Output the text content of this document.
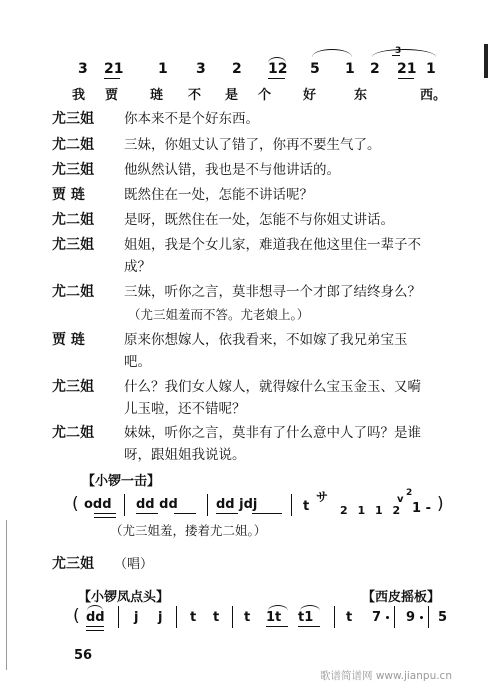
3 21 1 3 2 12 5 1 2
3
21 1
我 贾 琏 不 是 个 好	东	西。
尤三姐	你本来不是个好东西。
尤二姐	三妹，你姐丈认了错了，你再不要生气了。
尤三姐	他纵然认错，我也是不与他讲话的。
贾 琏	既然住在一处，怎能不讲话呢？
尤二姐	是呀，既然住在一处，怎能不与你姐丈讲话。
尤三姐	姐姐，我是个女儿家，难道我在他这里住一辈子不
成？
尤二姐	三妹，听你之言，莫非想寻一个才郎了结终身么？
（尤三姐羞而不答。尤老娘上。）
贾 琏	原来你想嫁人，依我看来，不如嫁了我兄弟宝玉
吧。
尤三姐	什么？我们女人嫁人，就得嫁什么宝玉金玉、又嗬
儿玉啦，还不错呢？
尤二姐	妹妹，听你之言，莫非有了什么意中人了吗？是谁
呀，跟姐姐我说说。
【小锣一击】
( odd dd dd	dd jdj	t
サ
2 1 1 2
v
2
1 - )
（尤三姐羞，搂着尤二姐。）
尤三姐 （唱）
【小锣凤点头】	【西皮摇板】
( dd j j t t t 1t t1	t 7 9 5
56
歌谱简谱网 www.jianpu.cn
